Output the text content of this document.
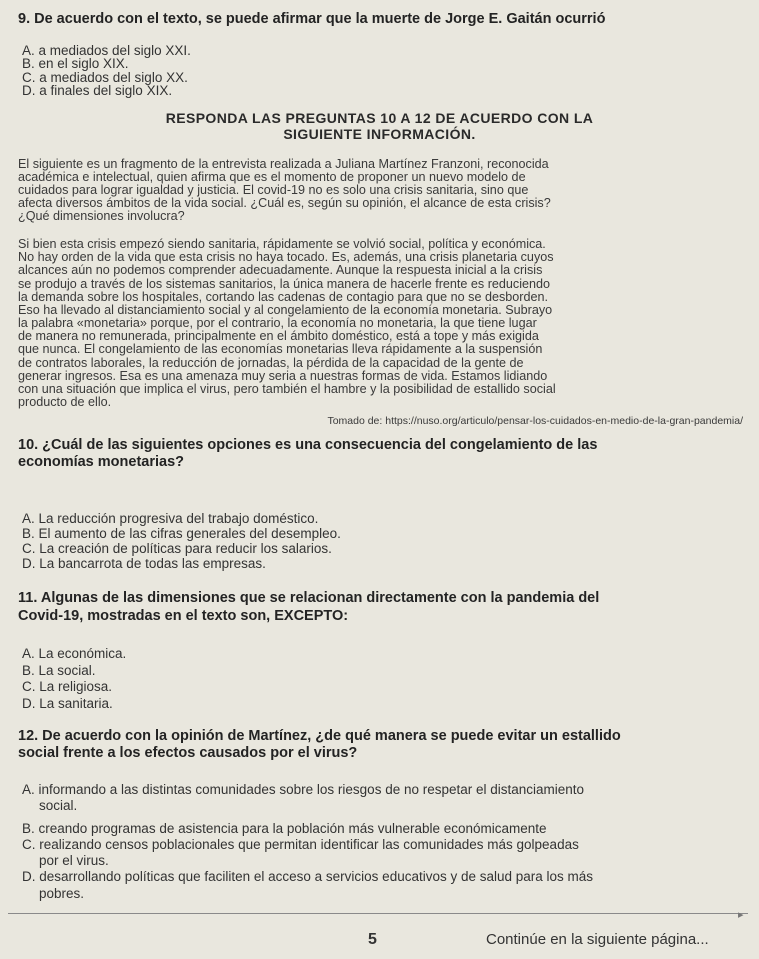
9. De acuerdo con el texto, se puede afirmar que la muerte de Jorge E. Gaitán ocurrió
A. a mediados del siglo XXI.
B. en el siglo XIX.
C. a mediados del siglo XX.
D. a finales del siglo XIX.
RESPONDA LAS PREGUNTAS 10 A 12 DE ACUERDO CON LA
SIGUIENTE INFORMACIÓN.
El siguiente es un fragmento de la entrevista realizada a Juliana Martínez Franzoni, reconocida
académica e intelectual, quien afirma que es el momento de proponer un nuevo modelo de
cuidados para lograr igualdad y justicia. El covid-19 no es solo una crisis sanitaria, sino que
afecta diversos ámbitos de la vida social. ¿Cuál es, según su opinión, el alcance de esta crisis?
¿Qué dimensiones involucra?
Si bien esta crisis empezó siendo sanitaria, rápidamente se volvió social, política y económica.
No hay orden de la vida que esta crisis no haya tocado. Es, además, una crisis planetaria cuyos
alcances aún no podemos comprender adecuadamente. Aunque la respuesta inicial a la crisis
se produjo a través de los sistemas sanitarios, la única manera de hacerle frente es reduciendo
la demanda sobre los hospitales, cortando las cadenas de contagio para que no se desborden.
Eso ha llevado al distanciamiento social y al congelamiento de la economía monetaria. Subrayo
la palabra «monetaria» porque, por el contrario, la economía no monetaria, la que tiene lugar
de manera no remunerada, principalmente en el ámbito doméstico, está a tope y más exigida
que nunca. El congelamiento de las economías monetarias lleva rápidamente a la suspensión
de contratos laborales, la reducción de jornadas, la pérdida de la capacidad de la gente de
generar ingresos. Esa es una amenaza muy seria a nuestras formas de vida. Estamos lidiando
con una situación que implica el virus, pero también el hambre y la posibilidad de estallido social
producto de ello.
Tomado de: https://nuso.org/articulo/pensar-los-cuidados-en-medio-de-la-gran-pandemia/
10. ¿Cuál de las siguientes opciones es una consecuencia del congelamiento de las
economías monetarias?
A. La reducción progresiva del trabajo doméstico.
B. El aumento de las cifras generales del desempleo.
C. La creación de políticas para reducir los salarios.
D. La bancarrota de todas las empresas.
11. Algunas de las dimensiones que se relacionan directamente con la pandemia del
Covid-19, mostradas en el texto son, EXCEPTO:
A. La económica.
B. La social.
C. La religiosa.
D. La sanitaria.
12. De acuerdo con la opinión de Martínez, ¿de qué manera se puede evitar un estallido
social frente a los efectos causados por el virus?
A. informando a las distintas comunidades sobre los riesgos de no respetar el distanciamiento
social.
B. creando programas de asistencia para la población más vulnerable económicamente
C. realizando censos poblacionales que permitan identificar las comunidades más golpeadas
por el virus.
D. desarrollando políticas que faciliten el acceso a servicios educativos y de salud para los más
pobres.
▸
5	Continúe en la siguiente página...
